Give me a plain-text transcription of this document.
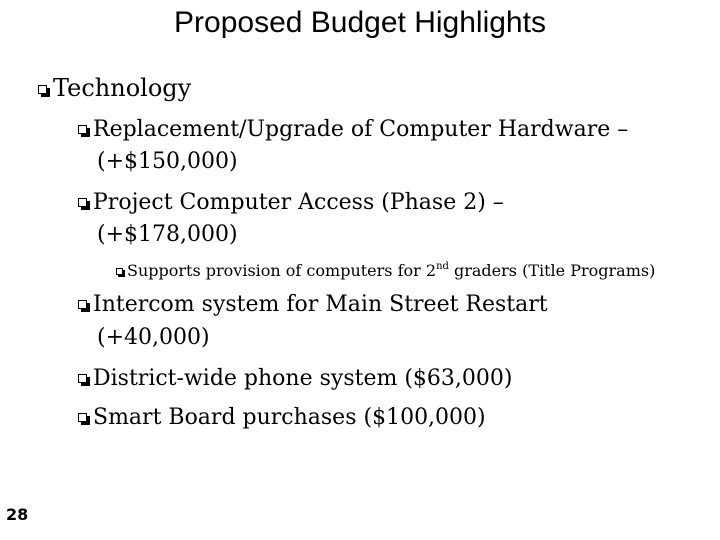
Proposed Budget Highlights
Technology
Replacement/Upgrade of Computer Hardware –
(+$150,000)
Project Computer Access (Phase 2) –
(+$178,000)
Supports provision of computers for 2nd graders (Title Programs)
Intercom system for Main Street Restart
(+40,000)
District-wide phone system ($63,000)
Smart Board purchases ($100,000)
28
